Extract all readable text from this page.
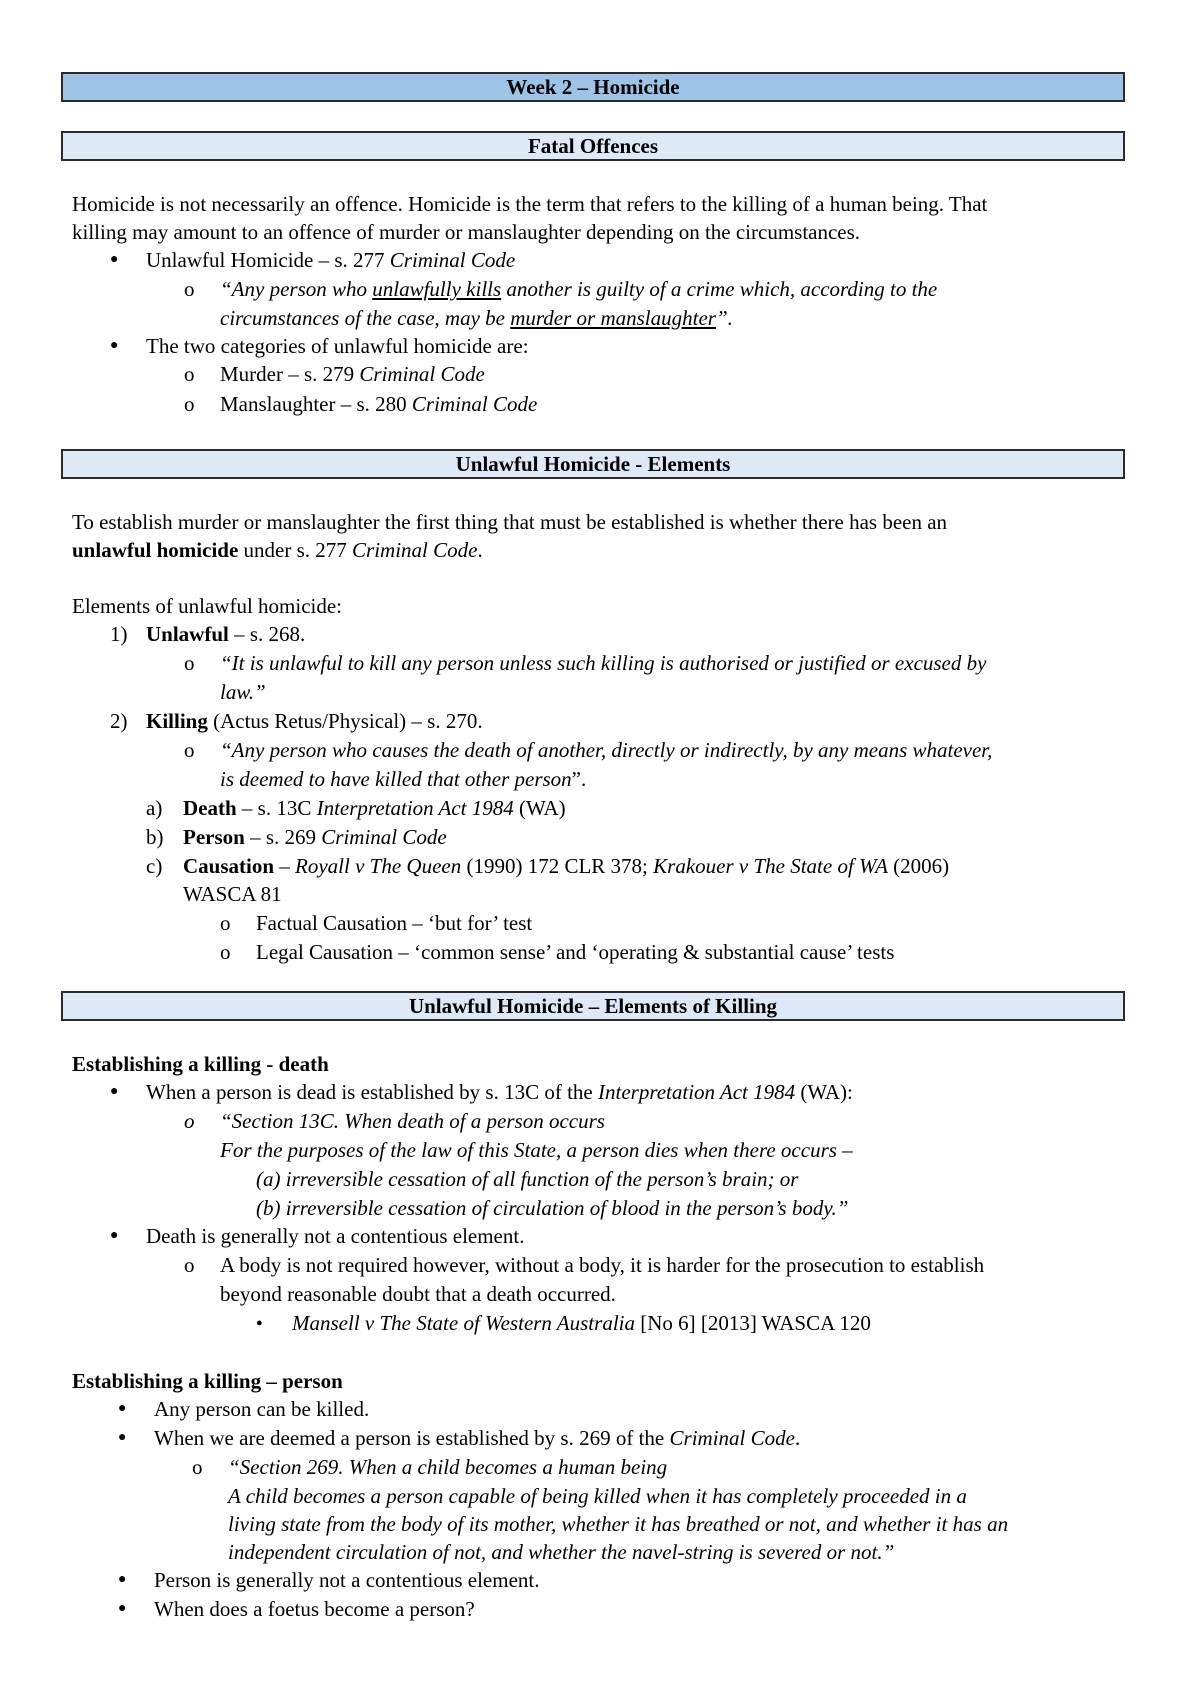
Week 2 – Homicide
Fatal Offences
Homicide is not necessarily an offence. Homicide is the term that refers to the killing of a human being. That
killing may amount to an offence of murder or manslaughter depending on the circumstances.
● Unlawful Homicide – s. 277 Criminal Code
o “Any person who unlawfully kills another is guilty of a crime which, according to the
circumstances of the case, may be murder or manslaughter”.
● The two categories of unlawful homicide are:
o Murder – s. 279 Criminal Code
o Manslaughter – s. 280 Criminal Code
Unlawful Homicide - Elements
To establish murder or manslaughter the first thing that must be established is whether there has been an
unlawful homicide under s. 277 Criminal Code.
Elements of unlawful homicide:
1) Unlawful – s. 268.
o “It is unlawful to kill any person unless such killing is authorised or justified or excused by
law.”
2) Killing (Actus Retus/Physical) – s. 270.
o “Any person who causes the death of another, directly or indirectly, by any means whatever,
is deemed to have killed that other person”.
a) Death – s. 13C Interpretation Act 1984 (WA)
b) Person – s. 269 Criminal Code
c) Causation – Royall v The Queen (1990) 172 CLR 378; Krakouer v The State of WA (2006)
WASCA 81
o Factual Causation – ‘but for’ test
o Legal Causation – ‘common sense’ and ‘operating & substantial cause’ tests
Unlawful Homicide – Elements of Killing
Establishing a killing - death
● When a person is dead is established by s. 13C of the Interpretation Act 1984 (WA):
o “Section 13C. When death of a person occurs
For the purposes of the law of this State, a person dies when there occurs –
(a) irreversible cessation of all function of the person’s brain; or
(b) irreversible cessation of circulation of blood in the person’s body.”
● Death is generally not a contentious element.
o A body is not required however, without a body, it is harder for the prosecution to establish
beyond reasonable doubt that a death occurred.
● Mansell v The State of Western Australia [No 6] [2013] WASCA 120
Establishing a killing – person
● Any person can be killed.
● When we are deemed a person is established by s. 269 of the Criminal Code.
o “Section 269. When a child becomes a human being
A child becomes a person capable of being killed when it has completely proceeded in a
living state from the body of its mother, whether it has breathed or not, and whether it has an
independent circulation of not, and whether the navel-string is severed or not.”
● Person is generally not a contentious element.
● When does a foetus become a person?
